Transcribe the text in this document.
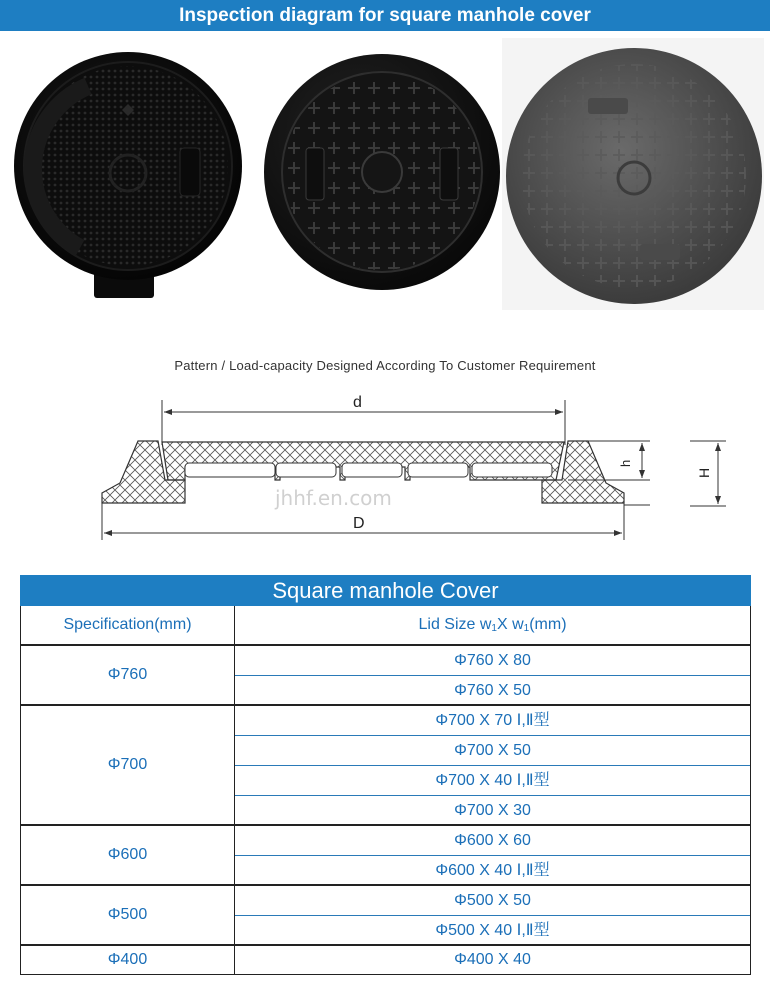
Inspection diagram for square manhole cover
Pattern / Load-capacity Designed According To Customer Requirement
d
D
h
H
jhhf.en.com
Square manhole Cover
Specification(mm)	Lid Size $w_1X$ $w_1(mm)$
Φ760
Φ760 X 80
Φ760 X 50
Φ700
Φ700 X 70 Ⅰ,Ⅱ型
Φ700 X 50
Φ700 X 40 Ⅰ,Ⅱ型
Φ700 X 30
Φ600
Φ600 X 60
Φ600 X 40 Ⅰ,Ⅱ型
Φ500
Φ500 X 50
Φ500 X 40 Ⅰ,Ⅱ型
Φ400	Φ400 X 40
